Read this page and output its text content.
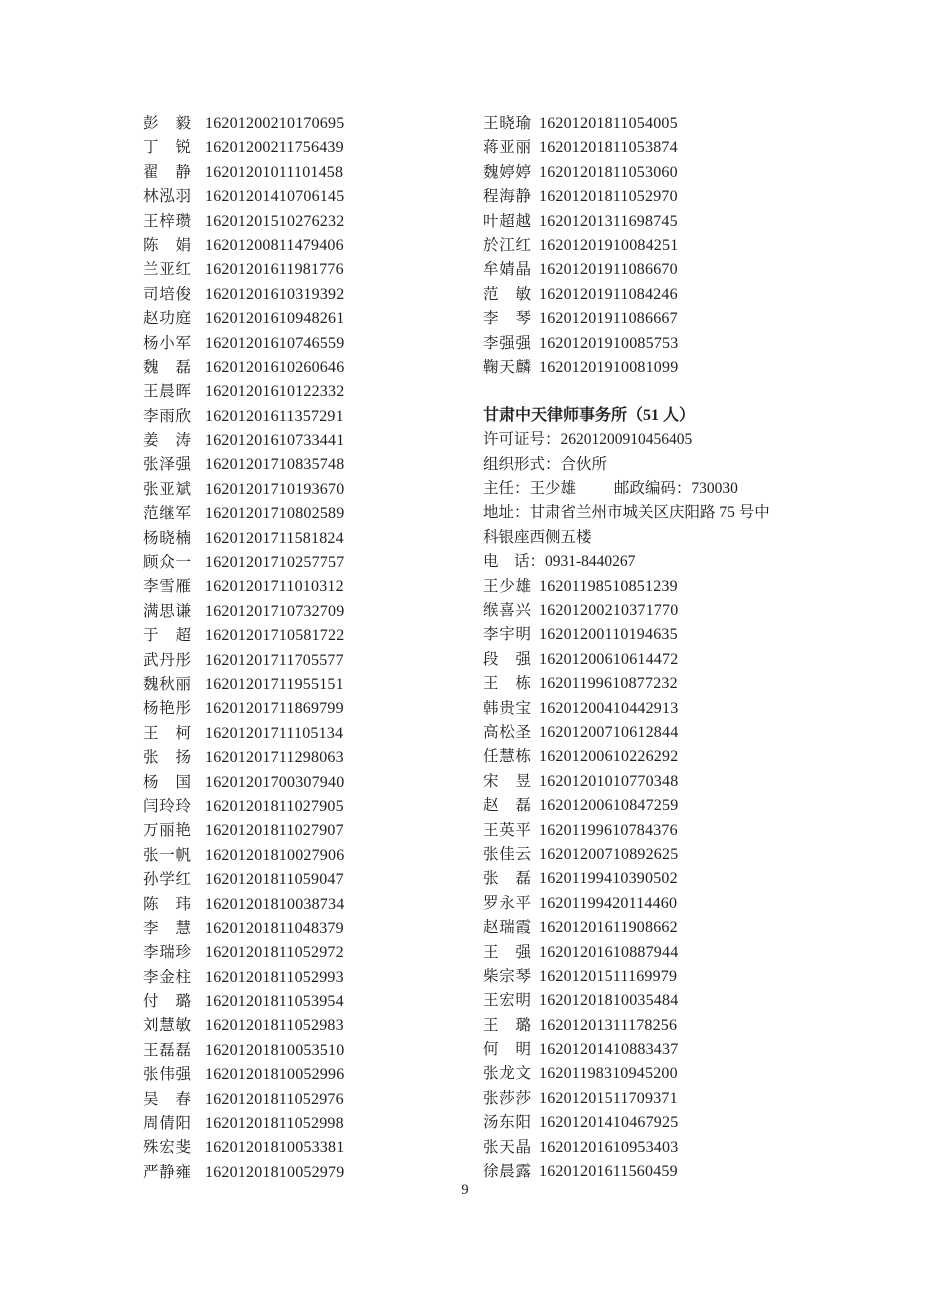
彭毅 16201200210170695
丁锐 16201200211756439
翟静 16201201011101458
林泓羽 16201201410706145
王梓瓒 16201201510276232
陈娟 16201200811479406
兰亚红 16201201611981776
司培俊 16201201610319392
赵功庭 16201201610948261
杨小军 16201201610746559
魏磊 16201201610260646
王晨晖 16201201610122332
李雨欣 16201201611357291
姜涛 16201201610733441
张泽强 16201201710835748
张亚斌 16201201710193670
范继军 16201201710802589
杨晓楠 16201201711581824
顾众一 16201201710257757
李雪雁 16201201711010312
满思谦 16201201710732709
于超 16201201710581722
武丹彤 16201201711705577
魏秋丽 16201201711955151
杨艳彤 16201201711869799
王柯 16201201711105134
张扬 16201201711298063
杨国 16201201700307940
闫玲玲 16201201811027905
万丽艳 16201201811027907
张一帆 16201201810027906
孙学红 16201201811059047
陈玮 16201201810038734
李慧 16201201811048379
李瑞珍 16201201811052972
李金柱 16201201811052993
付璐 16201201811053954
刘慧敏 16201201811052983
王磊磊 16201201810053510
张伟强 16201201810052996
吴春 16201201811052976
周倩阳 16201201811052998
殊宏斐 16201201810053381
严静雍 16201201810052979
王晓瑜 16201201811054005
蒋亚丽 16201201811053874
魏婷婷 16201201811053060
程海静 16201201811052970
叶超越 16201201311698745
於江红 16201201910084251
牟婧晶 16201201911086670
范敏 16201201911084246
李琴 16201201911086667
李强强 16201201910085753
鞠天麟 16201201910081099
甘肃中天律师事务所（51 人）
许可证号：26201200910456405
组织形式：合伙所
主任：王少雄 邮政编码：730030
地址：甘肃省兰州市城关区庆阳路 75 号中
科银座西侧五楼
电　话：0931-8440267
王少雄 16201198510851239
缑喜兴 16201200210371770
李宇明 16201200110194635
段强 16201200610614472
王栋 16201199610877232
韩贵宝 16201200410442913
高松圣 16201200710612844
任慧栋 16201200610226292
宋昱 16201201010770348
赵磊 16201200610847259
王英平 16201199610784376
张佳云 16201200710892625
张磊 16201199410390502
罗永平 16201199420114460
赵瑞霞 16201201611908662
王强 16201201610887944
柴宗琴 16201201511169979
王宏明 16201201810035484
王璐 16201201311178256
何明 16201201410883437
张龙文 16201198310945200
张莎莎 16201201511709371
汤东阳 16201201410467925
张天晶 16201201610953403
徐晨露 16201201611560459
9
